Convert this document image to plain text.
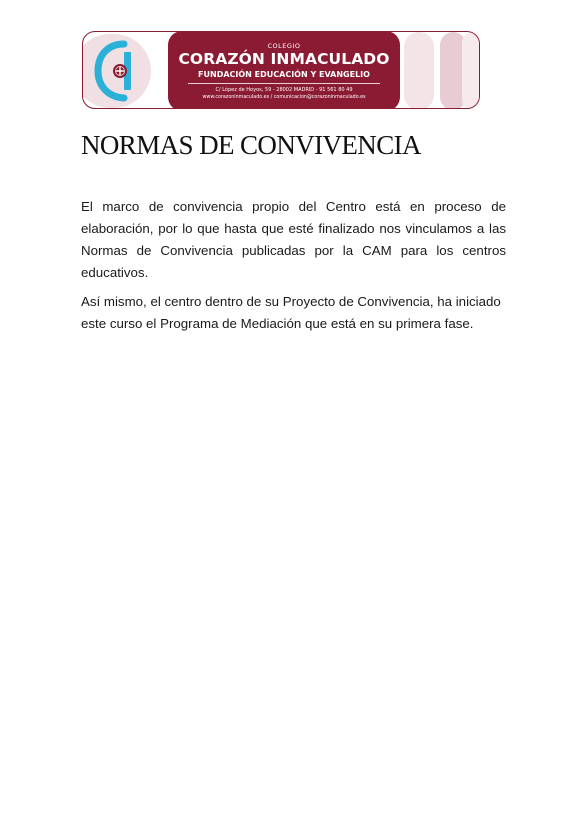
COLEGIO
CORAZÓN INMACULADO
FUNDACIÓN EDUCACIÓN Y EVANGELIO
C/ López de Hoyos, 59 - 28002 MADRID - 91 561 80 49
www.corazoninmaculado.es / comunicacion@corazoninmaculado.es
NORMAS DE CONVIVENCIA

El marco de convivencia propio del Centro está en proceso de elaboración, por lo que hasta que esté finalizado nos vinculamos a las Normas de Convivencia publicadas por la CAM para los centros educativos.

Así mismo, el centro dentro de su Proyecto de Convivencia, ha iniciado este curso el Programa de Mediación que está en su primera fase.
